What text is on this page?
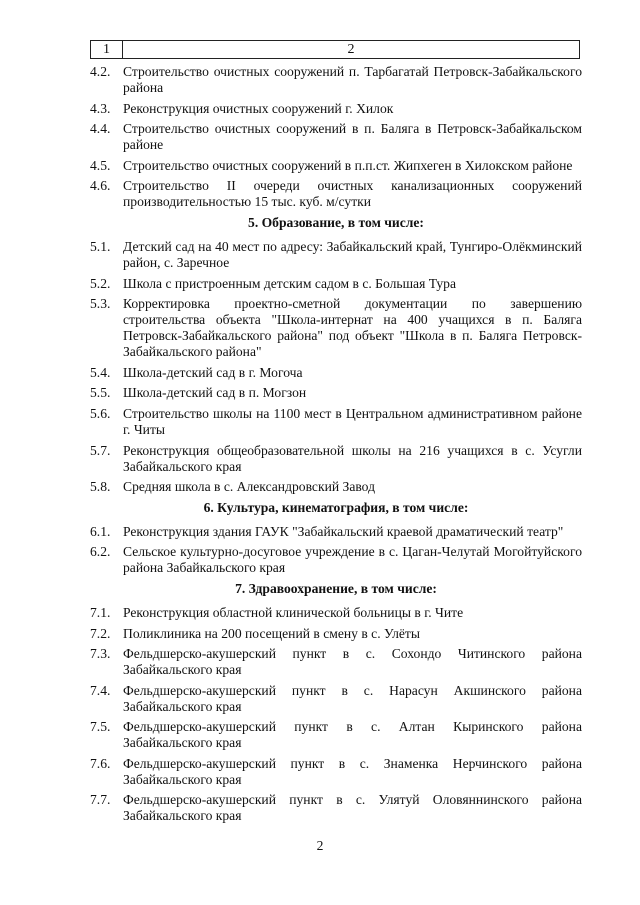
1	2
4.2. Строительство очистных сооружений п. Тарбагатай Петровск-Забайкальского района
4.3. Реконструкция очистных сооружений г. Хилок
4.4. Строительство очистных сооружений в п. Баляга в Петровск-Забайкальском районе
4.5. Строительство очистных сооружений в п.п.ст. Жипхеген в Хилокском районе
4.6. Строительство II очереди очистных канализационных сооружений производительностью 15 тыс. куб. м/сутки
5. Образование, в том числе:
5.1. Детский сад на 40 мест по адресу: Забайкальский край, Тунгиро-Олёкминский район, с. Заречное
5.2. Школа с пристроенным детским садом в с. Большая Тура
5.3. Корректировка проектно-сметной документации по завершению строительства объекта "Школа-интернат на 400 учащихся в п. Баляга Петровск-Забайкальского района" под объект "Школа в п. Баляга Петровск-Забайкальского района"
5.4. Школа-детский сад в г. Могоча
5.5. Школа-детский сад в п. Могзон
5.6. Строительство школы на 1100 мест в Центральном административном районе г. Читы
5.7. Реконструкция общеобразовательной школы на 216 учащихся в с. Усугли Забайкальского края
5.8. Средняя школа в с. Александровский Завод
6. Культура, кинематография, в том числе:
6.1. Реконструкция здания ГАУК "Забайкальский краевой драматический театр"
6.2. Сельское культурно-досуговое учреждение в с. Цаган-Челутай Могойтуйского района Забайкальского края
7. Здравоохранение, в том числе:
7.1. Реконструкция областной клинической больницы в г. Чите
7.2. Поликлиника на 200 посещений в смену в с. Улёты
7.3. Фельдшерско-акушерский пункт в с. Сохондо Читинского района Забайкальского края
7.4. Фельдшерско-акушерский пункт в с. Нарасун Акшинского района Забайкальского края
7.5. Фельдшерско-акушерский пункт в с. Алтан Кыринского района Забайкальского края
7.6. Фельдшерско-акушерский пункт в с. Знаменка Нерчинского района Забайкальского края
7.7. Фельдшерско-акушерский пункт в с. Улятуй Оловяннинского района Забайкальского края
2
